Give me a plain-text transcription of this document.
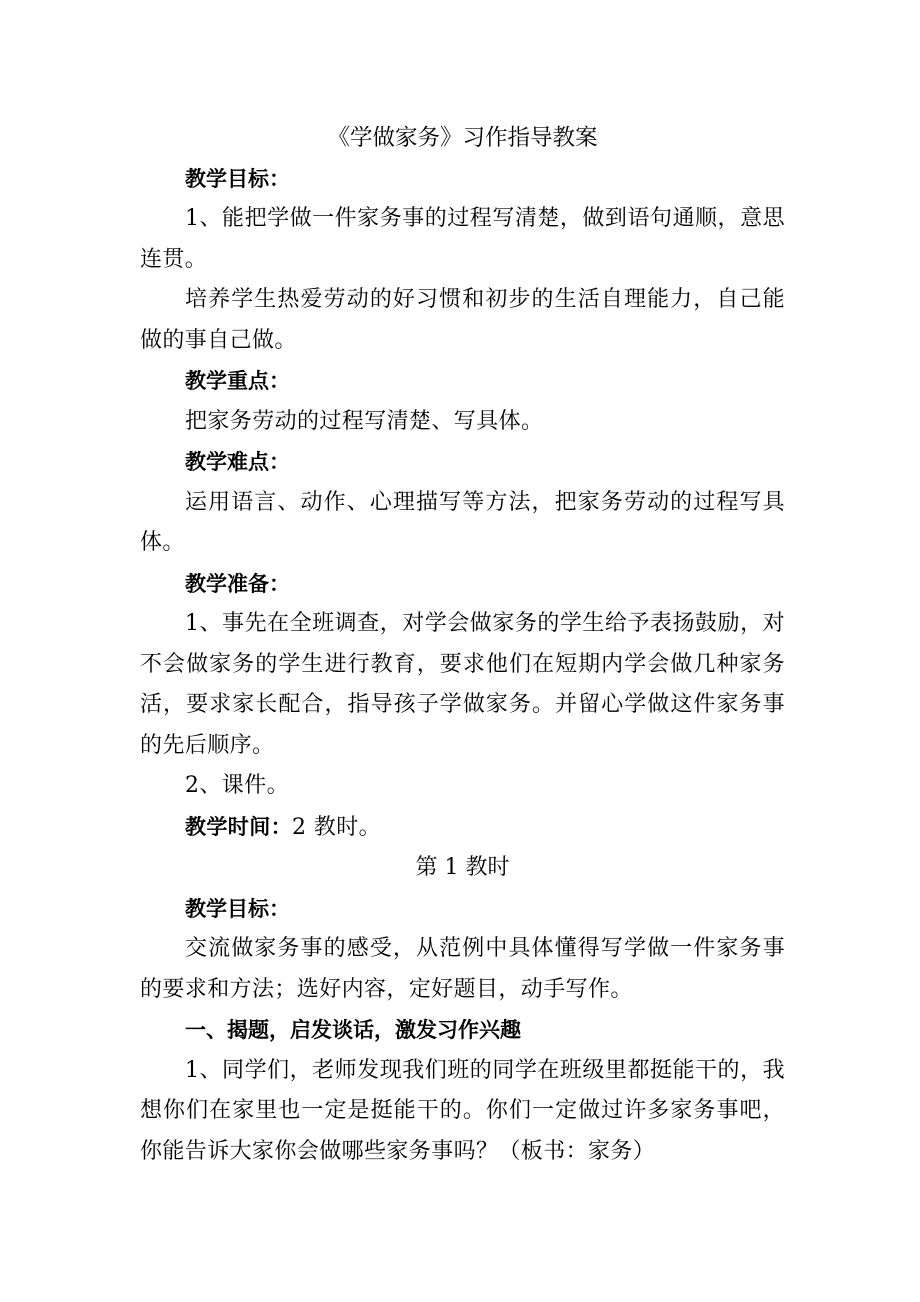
《学做家务》习作指导教案

教学目标：

1、能把学做一件家务事的过程写清楚，做到语句通顺，意思连贯。

培养学生热爱劳动的好习惯和初步的生活自理能力，自己能做的事自己做。

教学重点：

把家务劳动的过程写清楚、写具体。

教学难点：

运用语言、动作、心理描写等方法，把家务劳动的过程写具体。

教学准备：

1、事先在全班调查，对学会做家务的学生给予表扬鼓励，对不会做家务的学生进行教育，要求他们在短期内学会做几种家务活，要求家长配合，指导孩子学做家务。并留心学做这件家务事的先后顺序。

2、课件。

教学时间：2 教时。

第 1 教时

教学目标：

交流做家务事的感受，从范例中具体懂得写学做一件家务事的要求和方法；选好内容，定好题目，动手写作。

一、揭题，启发谈话，激发习作兴趣

1、同学们，老师发现我们班的同学在班级里都挺能干的，我想你们在家里也一定是挺能干的。你们一定做过许多家务事吧，你能告诉大家你会做哪些家务事吗？（板书：家务）
